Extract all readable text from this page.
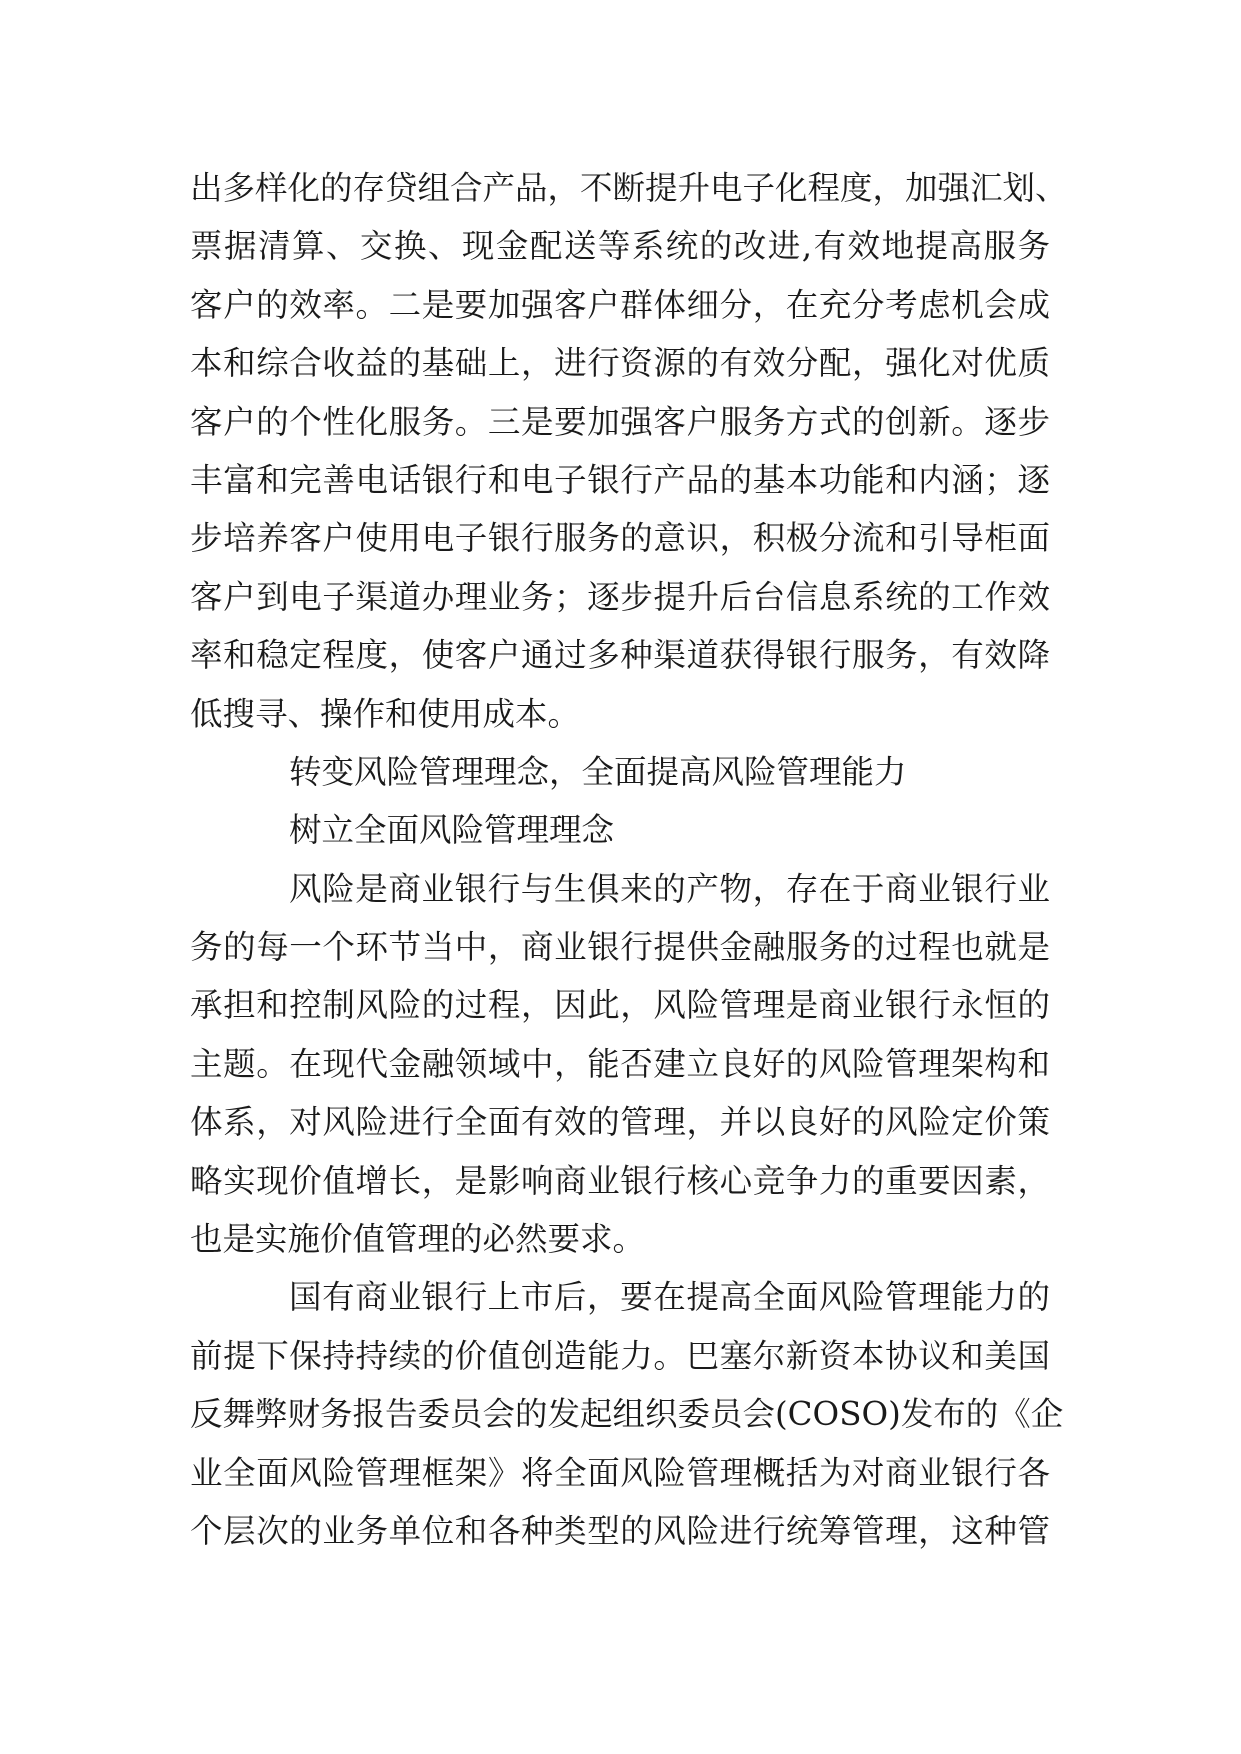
出多样化的存贷组合产品，不断提升电子化程度，加强汇划、
票据清算、交换、现金配送等系统的改进,有效地提高服务
客户的效率。二是要加强客户群体细分，在充分考虑机会成
本和综合收益的基础上，进行资源的有效分配，强化对优质
客户的个性化服务。三是要加强客户服务方式的创新。逐步
丰富和完善电话银行和电子银行产品的基本功能和内涵；逐
步培养客户使用电子银行服务的意识，积极分流和引导柜面
客户到电子渠道办理业务；逐步提升后台信息系统的工作效
率和稳定程度，使客户通过多种渠道获得银行服务，有效降
低搜寻、操作和使用成本。
转变风险管理理念，全面提高风险管理能力
树立全面风险管理理念
风险是商业银行与生俱来的产物，存在于商业银行业
务的每一个环节当中，商业银行提供金融服务的过程也就是
承担和控制风险的过程，因此，风险管理是商业银行永恒的
主题。在现代金融领域中，能否建立良好的风险管理架构和
体系，对风险进行全面有效的管理，并以良好的风险定价策
略实现价值增长，是影响商业银行核心竞争力的重要因素，
也是实施价值管理的必然要求。
国有商业银行上市后，要在提高全面风险管理能力的
前提下保持持续的价值创造能力。巴塞尔新资本协议和美国
反舞弊财务报告委员会的发起组织委员会(COSO)发布的《企
业全面风险管理框架》将全面风险管理概括为对商业银行各
个层次的业务单位和各种类型的风险进行统筹管理，这种管
